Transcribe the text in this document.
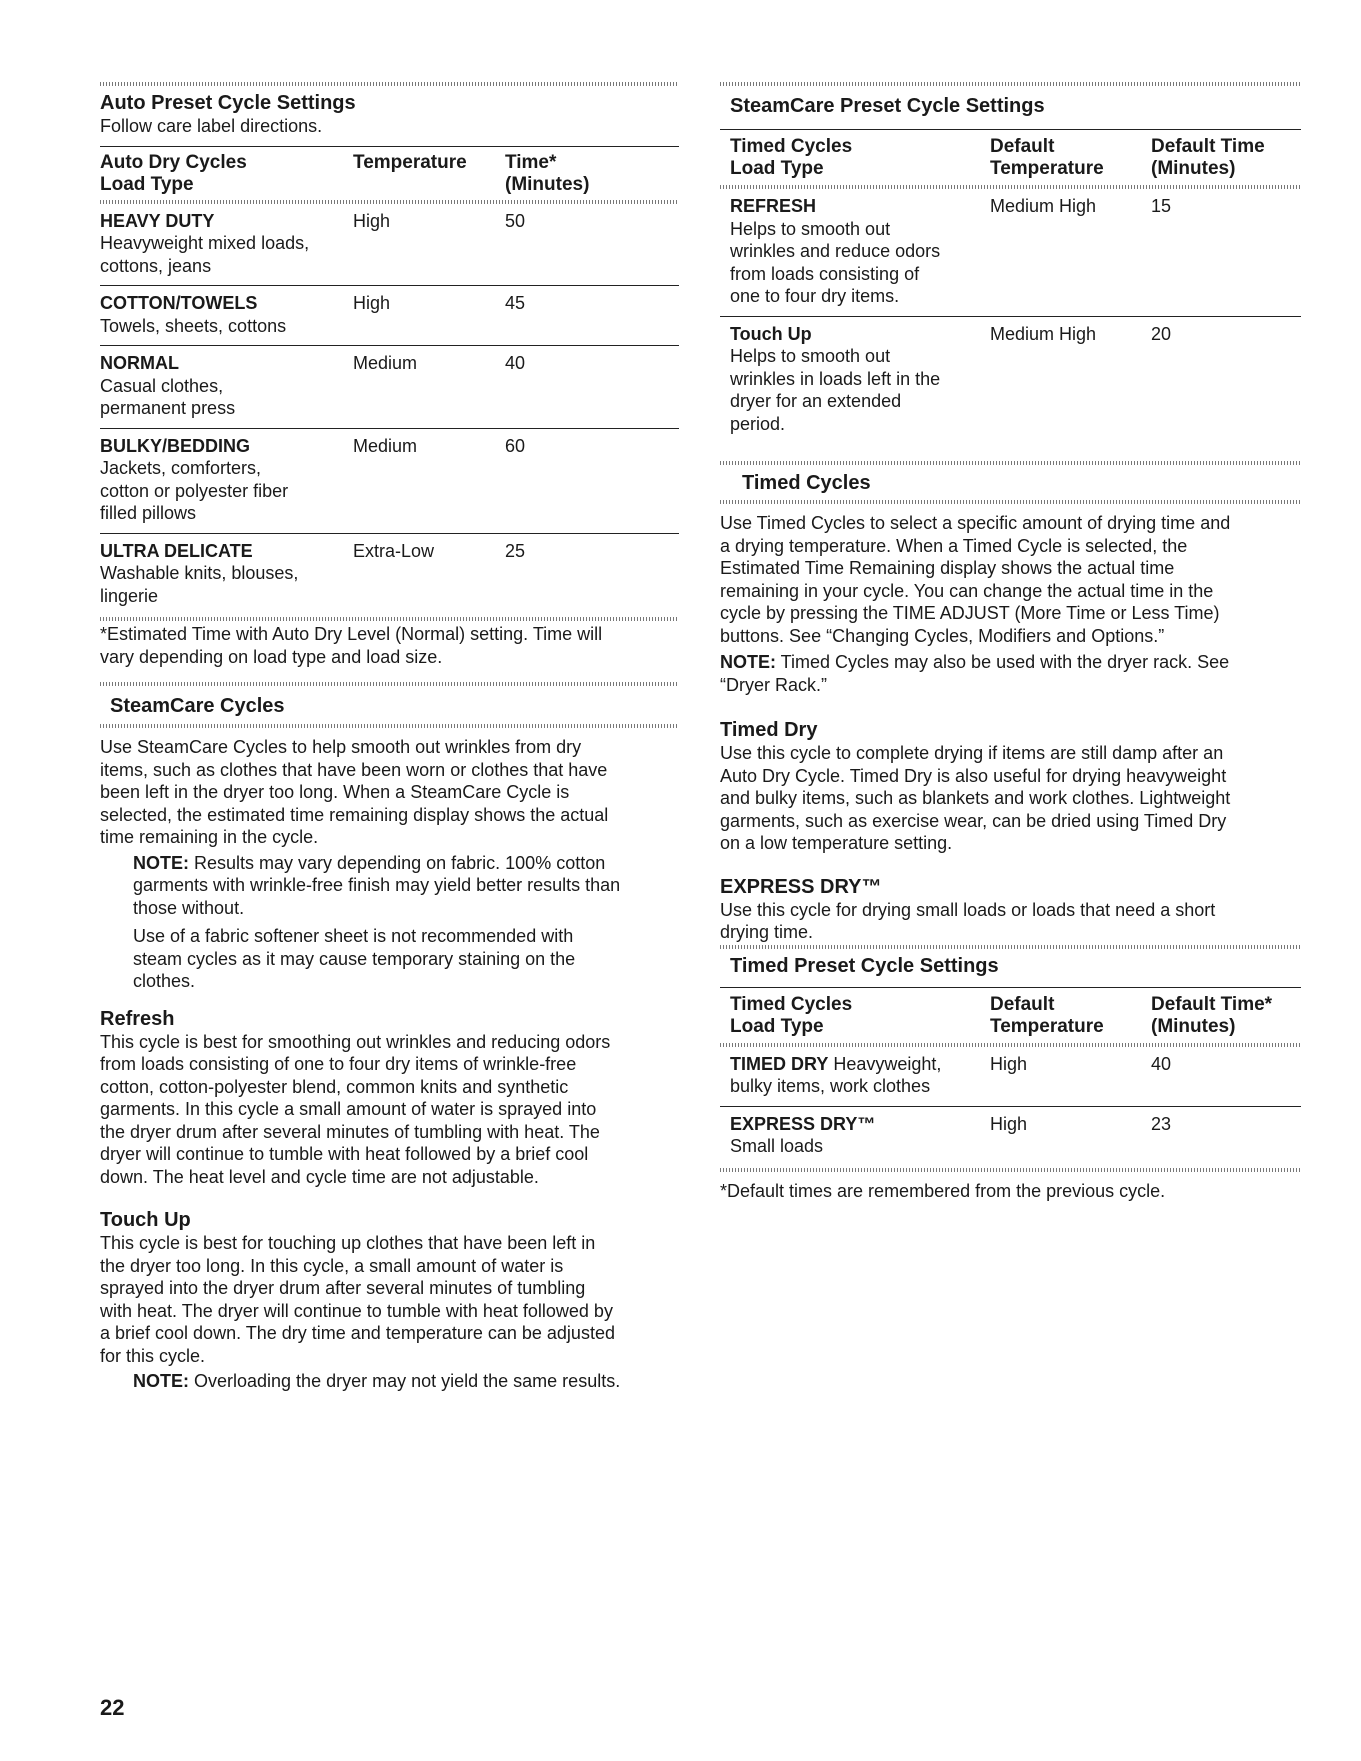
Auto Preset Cycle Settings
Follow care label directions.
Auto Dry Cycles	Temperature	Time*
Load Type	(Minutes)
HEAVY DUTY
Heavyweight mixed loads,
cottons, jeans
High	50
COTTON/TOWELS
Towels, sheets, cottons
High	45
NORMAL
Casual clothes,
permanent press
Medium	40
BULKY/BEDDING
Jackets, comforters,
cotton or polyester fiber
filled pillows
Medium	60
ULTRA DELICATE
Washable knits, blouses,
lingerie
Extra-Low	25
*Estimated Time with Auto Dry Level (Normal) setting. Time will
vary depending on load type and load size.
SteamCare Cycles
Use SteamCare Cycles to help smooth out wrinkles from dry
items, such as clothes that have been worn or clothes that have
been left in the dryer too long. When a SteamCare Cycle is
selected, the estimated time remaining display shows the actual
time remaining in the cycle.
NOTE: Results may vary depending on fabric. 100% cotton
garments with wrinkle-free finish may yield better results than
those without.
Use of a fabric softener sheet is not recommended with
steam cycles as it may cause temporary staining on the
clothes.
Refresh
This cycle is best for smoothing out wrinkles and reducing odors
from loads consisting of one to four dry items of wrinkle-free
cotton, cotton-polyester blend, common knits and synthetic
garments. In this cycle a small amount of water is sprayed into
the dryer drum after several minutes of tumbling with heat. The
dryer will continue to tumble with heat followed by a brief cool
down. The heat level and cycle time are not adjustable.
Touch Up
This cycle is best for touching up clothes that have been left in
the dryer too long. In this cycle, a small amount of water is
sprayed into the dryer drum after several minutes of tumbling
with heat. The dryer will continue to tumble with heat followed by
a brief cool down. The dry time and temperature can be adjusted
for this cycle.
NOTE: Overloading the dryer may not yield the same results.
SteamCare Preset Cycle Settings
Timed Cycles	Default	Default Time
Load Type	Temperature	(Minutes)
REFRESH
Helps to smooth out
wrinkles and reduce odors
from loads consisting of
one to four dry items.
Medium High	15
Touch Up
Helps to smooth out
wrinkles in loads left in the
dryer for an extended
period.
Medium High	20
Timed Cycles
Use Timed Cycles to select a specific amount of drying time and
a drying temperature. When a Timed Cycle is selected, the
Estimated Time Remaining display shows the actual time
remaining in your cycle. You can change the actual time in the
cycle by pressing the TIME ADJUST (More Time or Less Time)
buttons. See “Changing Cycles, Modifiers and Options.”
NOTE: Timed Cycles may also be used with the dryer rack. See
“Dryer Rack.”
Timed Dry
Use this cycle to complete drying if items are still damp after an
Auto Dry Cycle. Timed Dry is also useful for drying heavyweight
and bulky items, such as blankets and work clothes. Lightweight
garments, such as exercise wear, can be dried using Timed Dry
on a low temperature setting.
EXPRESS DRY™
Use this cycle for drying small loads or loads that need a short
drying time.
Timed Preset Cycle Settings
Timed Cycles	Default	Default Time*
Load Type	Temperature	(Minutes)
TIMED DRY Heavyweight,
bulky items, work clothes
High	40
EXPRESS DRY™
Small loads
High	23
*Default times are remembered from the previous cycle.
22
